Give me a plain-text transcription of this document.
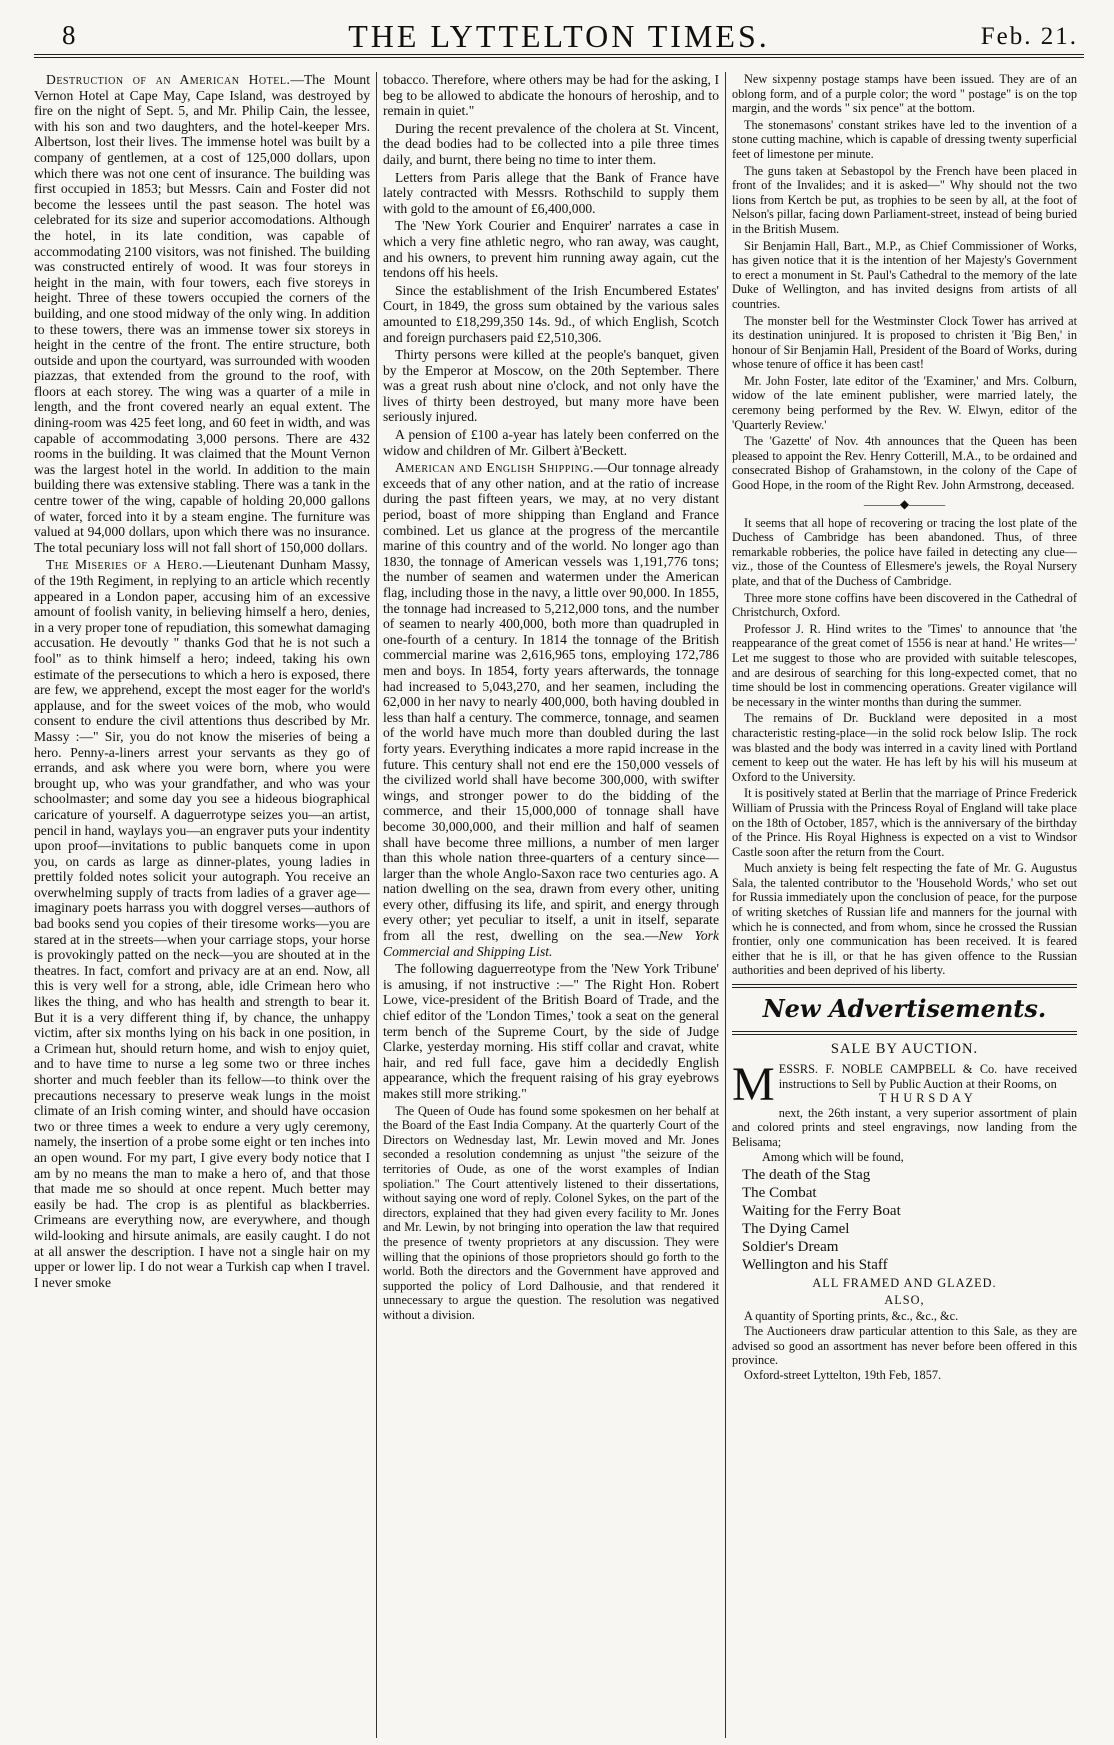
8	THE LYTTELTON TIMES.	Feb. 21.

Destruction of an American Hotel.—The Mount Vernon Hotel at Cape May, Cape Island, was destroyed by fire on the night of Sept. 5, and Mr. Philip Cain, the lessee, with his son and two daughters, and the hotel-keeper Mrs. Albertson, lost their lives. The immense hotel was built by a company of gentlemen, at a cost of 125,000 dollars, upon which there was not one cent of insurance. The building was first occupied in 1853; but Messrs. Cain and Foster did not become the lessees until the past season. The hotel was celebrated for its size and superior accomodations. Although the hotel, in its late condition, was capable of accommodating 2100 visitors, was not finished. The building was constructed entirely of wood. It was four storeys in height in the main, with four towers, each five storeys in height. Three of these towers occupied the corners of the building, and one stood midway of the only wing. In addition to these towers, there was an immense tower six storeys in height in the centre of the front. The entire structure, both outside and upon the courtyard, was surrounded with wooden piazzas, that extended from the ground to the roof, with floors at each storey. The wing was a quarter of a mile in length, and the front covered nearly an equal extent. The dining-room was 425 feet long, and 60 feet in width, and was capable of accommodating 3,000 persons. There are 432 rooms in the building. It was claimed that the Mount Vernon was the largest hotel in the world. In addition to the main building there was extensive stabling. There was a tank in the centre tower of the wing, capable of holding 20,000 gallons of water, forced into it by a steam engine. The furniture was valued at 94,000 dollars, upon which there was no insurance. The total pecuniary loss will not fall short of 150,000 dollars.

The Miseries of a Hero.—Lieutenant Dunham Massy, of the 19th Regiment, in replying to an article which recently appeared in a London paper, accusing him of an excessive amount of foolish vanity, in believing himself a hero, denies, in a very proper tone of repudiation, this somewhat damaging accusation. He devoutly " thanks God that he is not such a fool" as to think himself a hero; indeed, taking his own estimate of the persecutions to which a hero is exposed, there are few, we apprehend, except the most eager for the world's applause, and for the sweet voices of the mob, who would consent to endure the civil attentions thus described by Mr. Massy :—" Sir, you do not know the miseries of being a hero. Penny-a-liners arrest your servants as they go of errands, and ask where you were born, where you were brought up, who was your grandfather, and who was your schoolmaster; and some day you see a hideous biographical caricature of yourself. A daguerrotype seizes you—an artist, pencil in hand, waylays you—an engraver puts your indentity upon proof—invitations to public banquets come in upon you, on cards as large as dinner-plates, young ladies in prettily folded notes solicit your autograph. You receive an overwhelming supply of tracts from ladies of a graver age—imaginary poets harrass you with doggrel verses—authors of bad books send you copies of their tiresome works—you are stared at in the streets—when your carriage stops, your horse is provokingly patted on the neck—you are shouted at in the theatres. In fact, comfort and privacy are at an end. Now, all this is very well for a strong, able, idle Crimean hero who likes the thing, and who has health and strength to bear it. But it is a very different thing if, by chance, the unhappy victim, after six months lying on his back in one position, in a Crimean hut, should return home, and wish to enjoy quiet, and to have time to nurse a leg some two or three inches shorter and much feebler than its fellow—to think over the precautions necessary to preserve weak lungs in the moist climate of an Irish coming winter, and should have occasion two or three times a week to endure a very ugly ceremony, namely, the insertion of a probe some eight or ten inches into an open wound. For my part, I give every body notice that I am by no means the man to make a hero of, and that those that made me so should at once repent. Much better may easily be had. The crop is as plentiful as blackberries. Crimeans are everything now, are everywhere, and though wild-looking and hirsute animals, are easily caught. I do not at all answer the description. I have not a single hair on my upper or lower lip. I do not wear a Turkish cap when I travel. I never smoke

tobacco. Therefore, where others may be had for the asking, I beg to be allowed to abdicate the honours of heroship, and to remain in quiet."

During the recent prevalence of the cholera at St. Vincent, the dead bodies had to be collected into a pile three times daily, and burnt, there being no time to inter them.

Letters from Paris allege that the Bank of France have lately contracted with Messrs. Rothschild to supply them with gold to the amount of £6,400,000.

The 'New York Courier and Enquirer' narrates a case in which a very fine athletic negro, who ran away, was caught, and his owners, to prevent him running away again, cut the tendons off his heels.

Since the establishment of the Irish Encumbered Estates' Court, in 1849, the gross sum obtained by the various sales amounted to £18,299,350 14s. 9d., of which English, Scotch and foreign purchasers paid £2,510,306.

Thirty persons were killed at the people's banquet, given by the Emperor at Moscow, on the 20th September. There was a great rush about nine o'clock, and not only have the lives of thirty been destroyed, but many more have been seriously injured.

A pension of £100 a-year has lately been conferred on the widow and children of Mr. Gilbert à'Beckett.

American and English Shipping.—Our tonnage already exceeds that of any other nation, and at the ratio of increase during the past fifteen years, we may, at no very distant period, boast of more shipping than England and France combined. Let us glance at the progress of the mercantile marine of this country and of the world. No longer ago than 1830, the tonnage of American vessels was 1,191,776 tons; the number of seamen and watermen under the American flag, including those in the navy, a little over 90,000. In 1855, the tonnage had increased to 5,212,000 tons, and the number of seamen to nearly 400,000, both more than quadrupled in one-fourth of a century. In 1814 the tonnage of the British commercial marine was 2,616,965 tons, employing 172,786 men and boys. In 1854, forty years afterwards, the tonnage had increased to 5,043,270, and her seamen, including the 62,000 in her navy to nearly 400,000, both having doubled in less than half a century. The commerce, tonnage, and seamen of the world have much more than doubled during the last forty years. Everything indicates a more rapid increase in the future. This century shall not end ere the 150,000 vessels of the civilized world shall have become 300,000, with swifter wings, and stronger power to do the bidding of the commerce, and their 15,000,000 of tonnage shall have become 30,000,000, and their million and half of seamen shall have become three millions, a number of men larger than this whole nation three-quarters of a century since—larger than the whole Anglo-Saxon race two centuries ago. A nation dwelling on the sea, drawn from every other, uniting every other, diffusing its life, and spirit, and energy through every other; yet peculiar to itself, a unit in itself, separate from all the rest, dwelling on the sea.—New York Commercial and Shipping List.

The following daguerreotype from the 'New York Tribune' is amusing, if not instructive :—" The Right Hon. Robert Lowe, vice-president of the British Board of Trade, and the chief editor of the 'London Times,' took a seat on the general term bench of the Supreme Court, by the side of Judge Clarke, yesterday morning. His stiff collar and cravat, white hair, and red full face, gave him a decidedly English appearance, which the frequent raising of his gray eyebrows makes still more striking."

The Queen of Oude has found some spokesmen on her behalf at the Board of the East India Company. At the quarterly Court of the Directors on Wednesday last, Mr. Lewin moved and Mr. Jones seconded a resolution condemning as unjust "the seizure of the territories of Oude, as one of the worst examples of Indian spoliation." The Court attentively listened to their dissertations, without saying one word of reply. Colonel Sykes, on the part of the directors, explained that they had given every facility to Mr. Jones and Mr. Lewin, by not bringing into operation the law that required the presence of twenty proprietors at any discussion. They were willing that the opinions of those proprietors should go forth to the world. Both the directors and the Government have approved and supported the policy of Lord Dalhousie, and that rendered it unnecessary to argue the question. The resolution was negatived without a division.

New sixpenny postage stamps have been issued. They are of an oblong form, and of a purple color; the word " postage" is on the top margin, and the words " six pence" at the bottom.

The stonemasons' constant strikes have led to the invention of a stone cutting machine, which is capable of dressing twenty superficial feet of limestone per minute.

The guns taken at Sebastopol by the French have been placed in front of the Invalides; and it is asked—" Why should not the two lions from Kertch be put, as trophies to be seen by all, at the foot of Nelson's pillar, facing down Parliament-street, instead of being buried in the British Musem.

Sir Benjamin Hall, Bart., M.P., as Chief Commissioner of Works, has given notice that it is the intention of her Majesty's Government to erect a monument in St. Paul's Cathedral to the memory of the late Duke of Wellington, and has invited designs from artists of all countries.

The monster bell for the Westminster Clock Tower has arrived at its destination uninjured. It is proposed to christen it 'Big Ben,' in honour of Sir Benjamin Hall, President of the Board of Works, during whose tenure of office it has been cast!

Mr. John Foster, late editor of the 'Examiner,' and Mrs. Colburn, widow of the late eminent publisher, were married lately, the ceremony being performed by the Rev. W. Elwyn, editor of the 'Quarterly Review.'

The 'Gazette' of Nov. 4th announces that the Queen has been pleased to appoint the Rev. Henry Cotterill, M.A., to be ordained and consecrated Bishop of Grahamstown, in the colony of the Cape of Good Hope, in the room of the Right Rev. John Armstrong, deceased.

———◆———

It seems that all hope of recovering or tracing the lost plate of the Duchess of Cambridge has been abandoned. Thus, of three remarkable robberies, the police have failed in detecting any clue—viz., those of the Countess of Ellesmere's jewels, the Royal Nursery plate, and that of the Duchess of Cambridge.

Three more stone coffins have been discovered in the Cathedral of Christchurch, Oxford.

Professor J. R. Hind writes to the 'Times' to announce that 'the reappearance of the great comet of 1556 is near at hand.' He writes—' Let me suggest to those who are provided with suitable telescopes, and are desirous of searching for this long-expected comet, that no time should be lost in commencing operations. Greater vigilance will be necessary in the winter months than during the summer.

The remains of Dr. Buckland were deposited in a most characteristic resting-place—in the solid rock below Islip. The rock was blasted and the body was interred in a cavity lined with Portland cement to keep out the water. He has left by his will his museum at Oxford to the University.

It is positively stated at Berlin that the marriage of Prince Frederick William of Prussia with the Princess Royal of England will take place on the 18th of October, 1857, which is the anniversary of the birthday of the Prince. His Royal Highness is expected on a vist to Windsor Castle soon after the return from the Court.

Much anxiety is being felt respecting the fate of Mr. G. Augustus Sala, the talented contributor to the 'Household Words,' who set out for Russia immediately upon the conclusion of peace, for the purpose of writing sketches of Russian life and manners for the journal with which he is connected, and from whom, since he crossed the Russian frontier, only one communication has been received. It is feared either that he is ill, or that he has given offence to the Russian authorities and been deprived of his liberty.

New Advertisements.
SALE BY AUCTION.

MESSRS. F. NOBLE CAMPBELL & Co. have received instructions to Sell by Public Auction at their Rooms, on

THURSDAY

next, the 26th instant, a very superior assortment of plain and colored prints and steel engravings, now landing from the Belisama;

Among which will be found,

The death of the Stag
The Combat
Waiting for the Ferry Boat
The Dying Camel
Soldier's Dream
Wellington and his Staff

ALL FRAMED AND GLAZED.

ALSO,

A quantity of Sporting prints, &c., &c., &c.

The Auctioneers draw particular attention to this Sale, as they are advised so good an assortment has never before been offered in this province.

Oxford-street Lyttelton, 19th Feb, 1857.
